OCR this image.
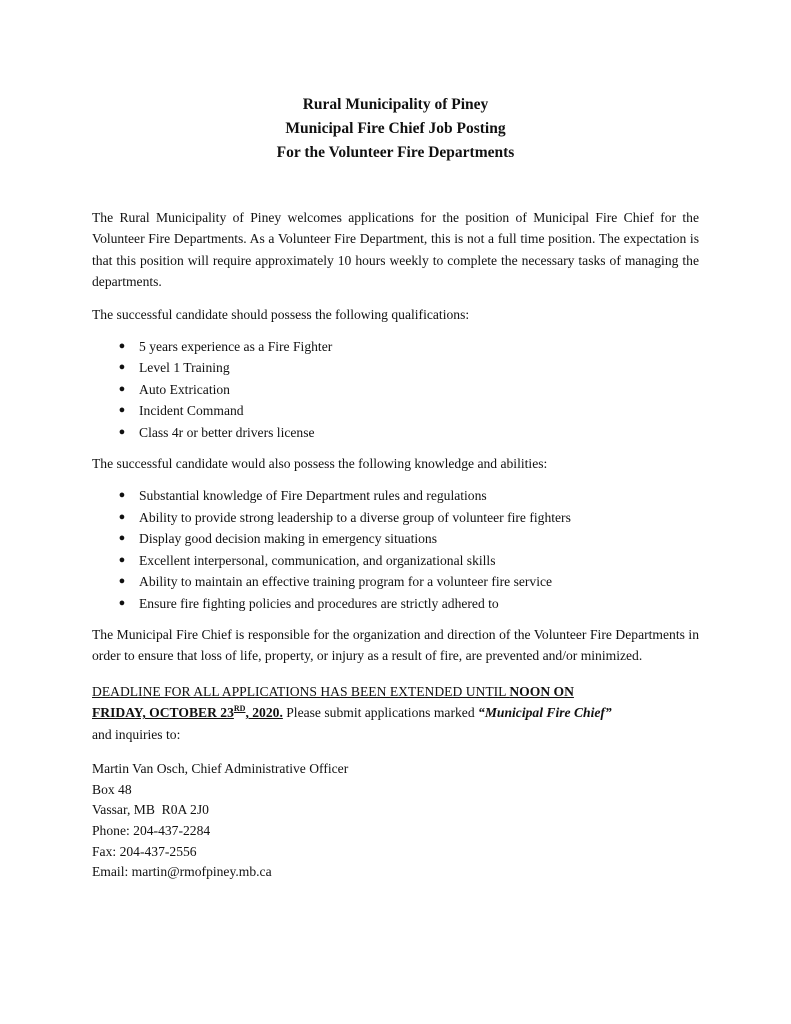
Rural Municipality of Piney
Municipal Fire Chief Job Posting
For the Volunteer Fire Departments

The Rural Municipality of Piney welcomes applications for the position of Municipal Fire Chief for the Volunteer Fire Departments. As a Volunteer Fire Department, this is not a full time position. The expectation is that this position will require approximately 10 hours weekly to complete the necessary tasks of managing the departments.

The successful candidate should possess the following qualifications:

● 5 years experience as a Fire Fighter
● Level 1 Training
● Auto Extrication
● Incident Command
● Class 4r or better drivers license

The successful candidate would also possess the following knowledge and abilities:

● Substantial knowledge of Fire Department rules and regulations
● Ability to provide strong leadership to a diverse group of volunteer fire fighters
● Display good decision making in emergency situations
● Excellent interpersonal, communication, and organizational skills
● Ability to maintain an effective training program for a volunteer fire service
● Ensure fire fighting policies and procedures are strictly adhered to

The Municipal Fire Chief is responsible for the organization and direction of the Volunteer Fire Departments in order to ensure that loss of life, property, or injury as a result of fire, are prevented and/or minimized.

DEADLINE FOR ALL APPLICATIONS HAS BEEN EXTENDED UNTIL NOON ON
FRIDAY, OCTOBER 23RD, 2020. Please submit applications marked “Municipal Fire Chief”
and inquiries to:

Martin Van Osch, Chief Administrative Officer
Box 48
Vassar, MB  R0A 2J0
Phone: 204-437-2284
Fax: 204-437-2556
Email: martin@rmofpiney.mb.ca
